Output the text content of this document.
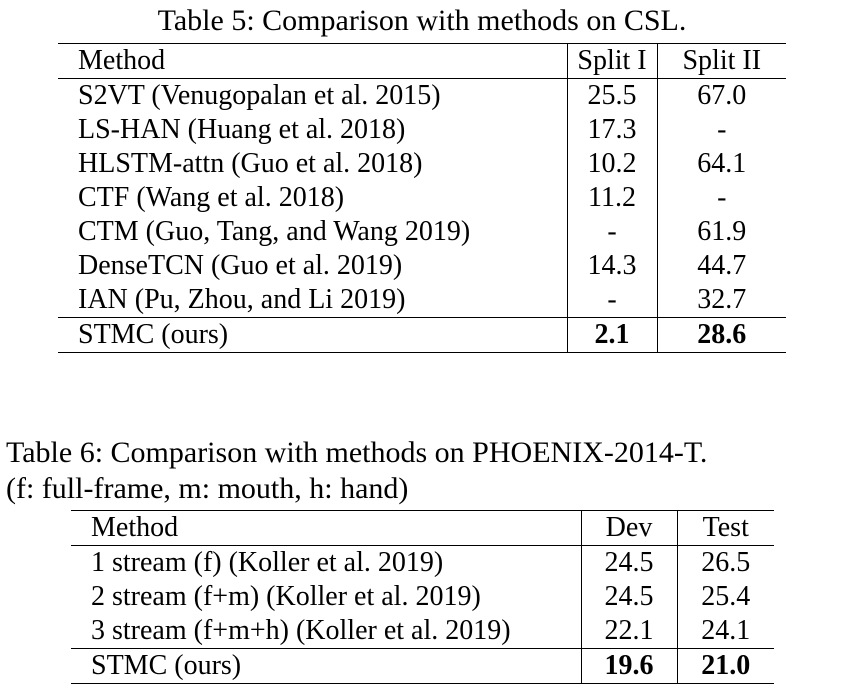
Table 5: Comparison with methods on CSL.
Method	Split I	Split II
S2VT (Venugopalan et al. 2015)	25.5	67.0
LS-HAN (Huang et al. 2018)	17.3	-
HLSTM-attn (Guo et al. 2018)	10.2	64.1
CTF (Wang et al. 2018)	11.2	-
CTM (Guo, Tang, and Wang 2019)	-	61.9
DenseTCN (Guo et al. 2019)	14.3	44.7
IAN (Pu, Zhou, and Li 2019)	-	32.7
STMC (ours)	2.1	28.6
Table 6: Comparison with methods on PHOENIX-2014-T.
(f: full-frame, m: mouth, h: hand)
Method	Dev	Test
1 stream (f) (Koller et al. 2019)	24.5	26.5
2 stream (f+m) (Koller et al. 2019)	24.5	25.4
3 stream (f+m+h) (Koller et al. 2019)	22.1	24.1
STMC (ours)	19.6	21.0
